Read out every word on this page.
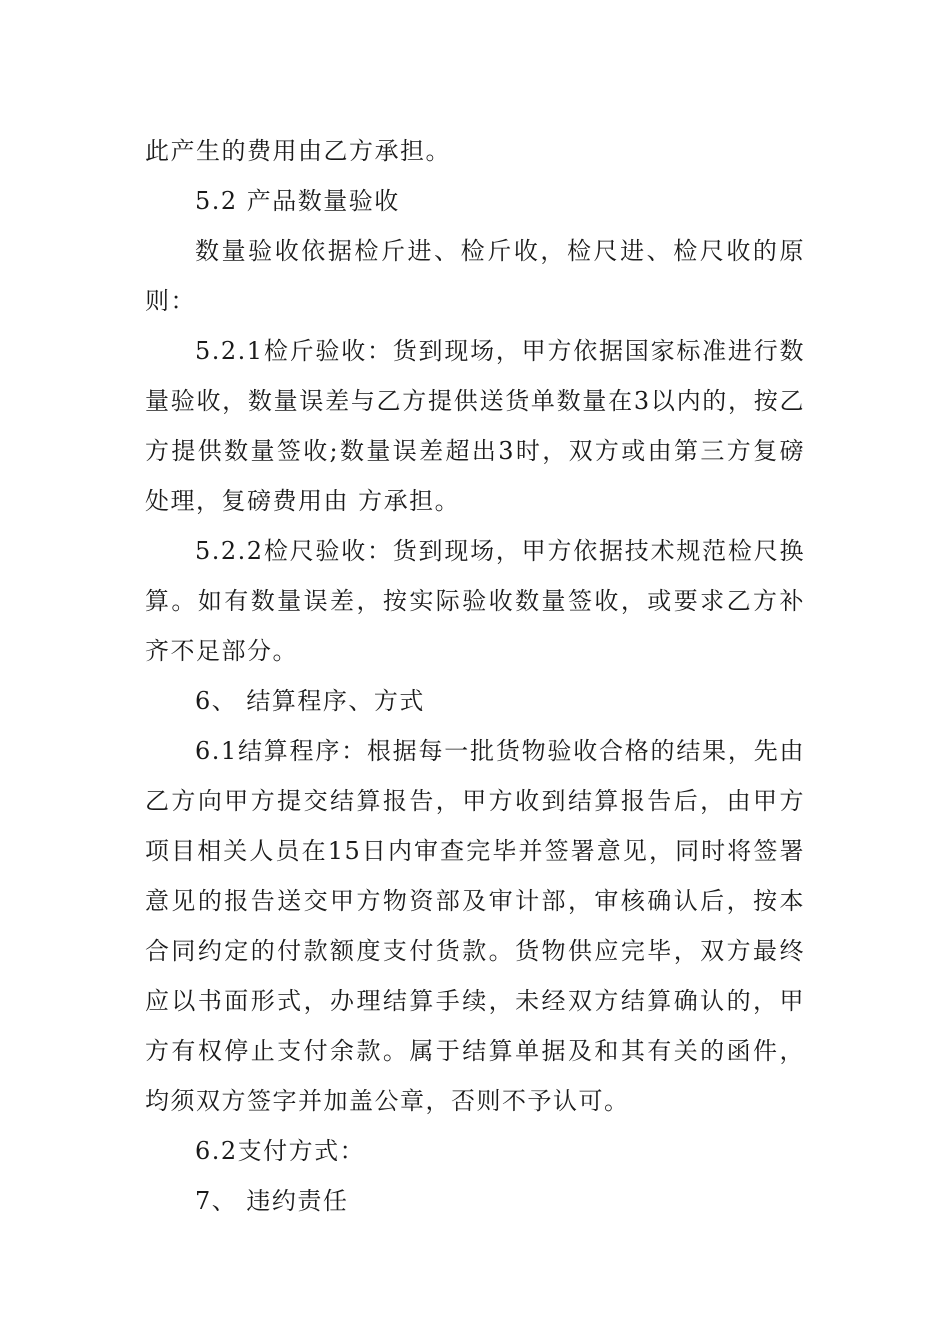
此产生的费用由乙方承担。
5.2 产品数量验收
数量验收依据检斤进、检斤收，检尺进、检尺收的原
则：
5.2.1检斤验收：货到现场，甲方依据国家标准进行数
量验收，数量误差与乙方提供送货单数量在3以内的，按乙
方提供数量签收;数量误差超出3时，双方或由第三方复磅
处理，复磅费用由 方承担。
5.2.2检尺验收：货到现场，甲方依据技术规范检尺换
算。如有数量误差，按实际验收数量签收，或要求乙方补
齐不足部分。
6、 结算程序、方式
6.1结算程序：根据每一批货物验收合格的结果，先由
乙方向甲方提交结算报告，甲方收到结算报告后，由甲方
项目相关人员在15日内审查完毕并签署意见，同时将签署
意见的报告送交甲方物资部及审计部，审核确认后，按本
合同约定的付款额度支付货款。货物供应完毕，双方最终
应以书面形式，办理结算手续，未经双方结算确认的，甲
方有权停止支付余款。属于结算单据及和其有关的函件，
均须双方签字并加盖公章，否则不予认可。
6.2支付方式：
7、 违约责任
